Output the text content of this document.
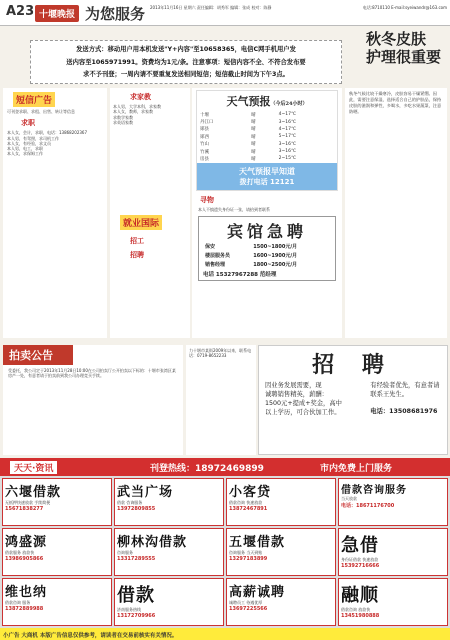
A23 十堰晚报 为您服务 2013年11月16日 星期六 责任编辑：胡秀军 编辑：张成 校对：陈静	电话:8710110 E-mail:syeiwandr@163.com
发送方式：移动用户用本机发送"Y+内容"至10658365，电信C网手机用户发
送内容至1065971991。资费均为1元/条。注意事项：短信内容不全、不符合发布要
求不予刊登；一周内请不要重复发送相同短信；短信截止时间为下午3点。
秋冬皮肤
护理很重要
短信广告
可刊登求职、求租、出售、转让等信息
求职
本人女，会计，求职，电话：13868202367
本人男，有驾照，求司机工作
本人女，有经验，求文员
本人男，电工，求职
本人女，求保姆工作
求家教
本人男，大学本科，求家教
本人女，教师，求家教
求数学家教
求英语家教
就业国际
招工
招聘
天气预报（今后24小时）
十堰	晴	4~17℃
丹江口	晴	3~16℃
郧县	晴	4~17℃
郧西	晴	5~17℃
竹山	晴	3~16℃
竹溪	晴	3~16℃
房县	晴	2~15℃
天气预报早知道
拨打电话 12121
寻物
本人不慎遗失身份证一张，请拾到者联系
宾馆急聘
保安	1500~1800元/月
楼层服务员	1600~1900元/月
销售经理	1800~2500元/月
电话 15327967288 范经理
秋冬气候比较干燥寒冷，皮肤容易干燥紧绷。因此，需要注意保湿，选择适合自己的护肤品，保持皮肤的滋润和弹性，多喝水，多吃水果蔬菜，注意防晒。
拍卖公告
受委托，我公司定于2013年11月28日10:00在公司拍卖厅公开拍卖以下标的：十堰市张湾区某房产一处，有意者请于拍卖前到我公司办理竞买手续。
力十堰市某街2009年以来，联系电话：0719-8652233	招 聘
因业务发展需要，现
诚聘销售精英，薪酬：
1500元+提成+奖金，高中
以上学历，可合伙加工作。
有经验者优先，有意者请
联系王先生。
电话：13508681976
天天·资讯	刊登热线：18972469899	市内免费上门服务
六堰借款
无抵押快速放款 手续简便
15671838277
武当广场
借款 咨询服务
13972809855
小客贷
借款咨询 快速放款
13872467891
借款咨询服务
当天放款
电话：18671176700
鸿盛源
借款服务 放款快
13986905866
柳林沟借款
咨询服务
13317289555
五堰借款
咨询服务 当天到账
13297183899
急借
身份证借款 快速放款
15392716666
维也纳
借款咨询 服务
13872889988
借款
济南服务热线
13172709966
高薪诚聘
诚聘员工 待遇优厚
13697225566
融顺
借款咨询 放款快
13451980888
小广告 大商机 本版广告信息仅供参考，请读者在交易前核实有关情况。
